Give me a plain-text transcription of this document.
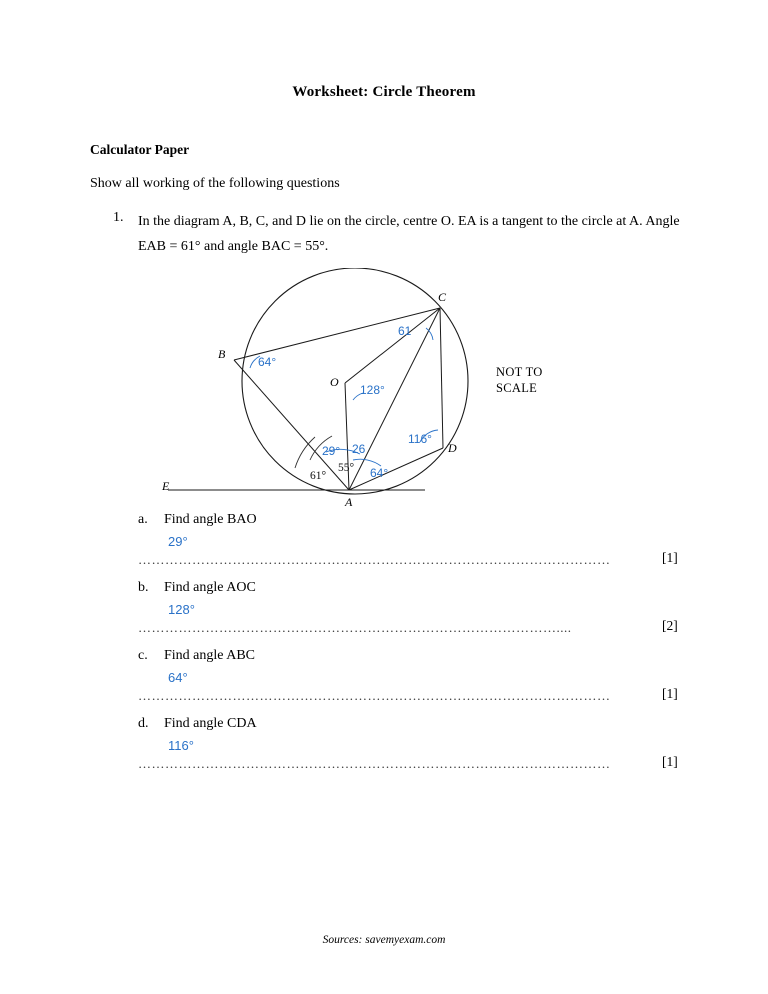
Worksheet: Circle Theorem
Calculator Paper
Show all working of the following questions
1. In the diagram A, B, C, and D lie on the circle, centre O. EA is a tangent to the circle at A. Angle EAB = 61° and angle BAC = 55°.
A
B
C
D
E
O
61°
55°
61
64°
128°
116°
29° 26
64°
NOT TO
SCALE
a. Find angle BAO
29°
……………………………………………………………………………………………	[1]
b. Find angle AOC
128°
…………………………………………………………………………………....	[2]
c. Find angle ABC
64°
……………………………………………………………………………………………	[1]
d. Find angle CDA
116°
……………………………………………………………………………………………	[1]
Sources: savemyexam.com
